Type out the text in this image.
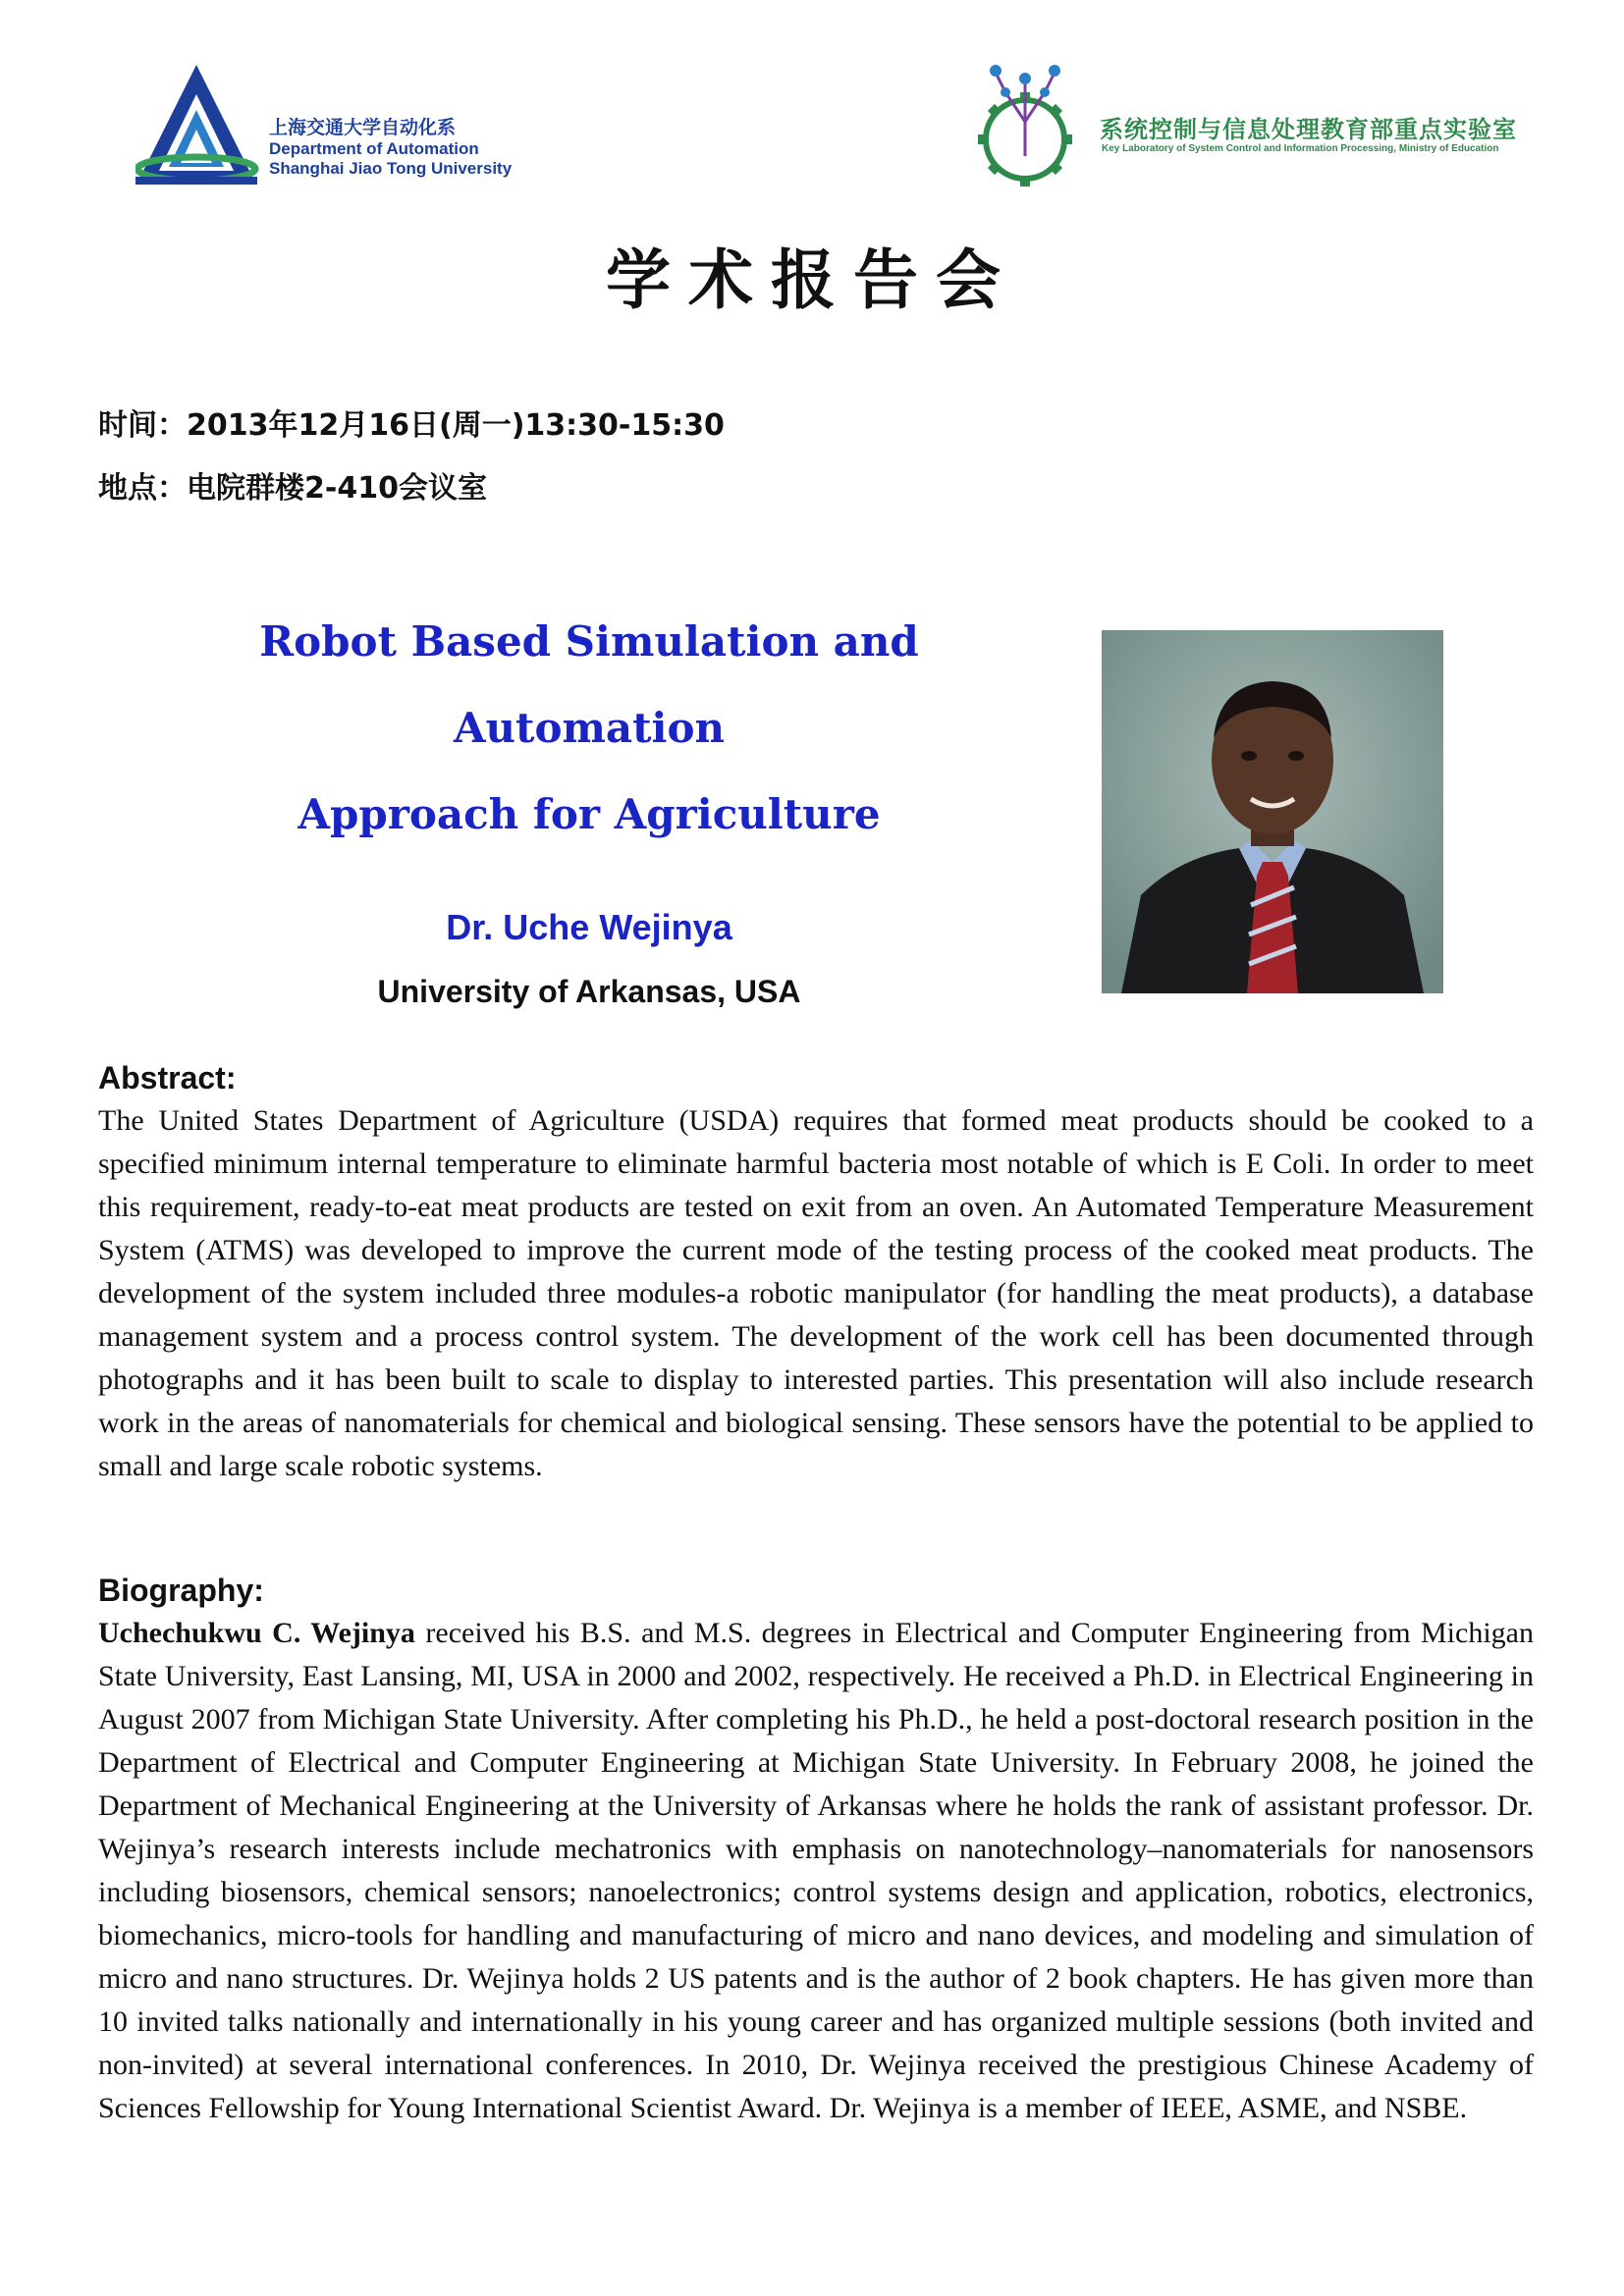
上海交通大学自动化系
Department of Automation
Shanghai Jiao Tong University
系统控制与信息处理教育部重点实验室
Key Laboratory of System Control and Information Processing, Ministry of Education
学术报告会
时间：2013年12月16日(周一)13:30-15:30
地点：电院群楼2-410会议室
Robot Based Simulation and Automation
Approach for Agriculture
Dr. Uche Wejinya
University of Arkansas, USA
Abstract:
The United States Department of Agriculture (USDA) requires that formed meat products should be cooked to a specified minimum internal temperature to eliminate harmful bacteria most notable of which is E Coli. In order to meet this requirement, ready-to-eat meat products are tested on exit from an oven. An Automated Temperature Measurement System (ATMS) was developed to improve the current mode of the testing process of the cooked meat products. The development of the system included three modules-a robotic manipulator (for handling the meat products), a database management system and a process control system. The development of the work cell has been documented through photographs and it has been built to scale to display to interested parties. This presentation will also include research work in the areas of nanomaterials for chemical and biological sensing. These sensors have the potential to be applied to small and large scale robotic systems.
Biography:
Uchechukwu C. Wejinya received his B.S. and M.S. degrees in Electrical and Computer Engineering from Michigan State University, East Lansing, MI, USA in 2000 and 2002, respectively. He received a Ph.D. in Electrical Engineering in August 2007 from Michigan State University. After completing his Ph.D., he held a post-doctoral research position in the Department of Electrical and Computer Engineering at Michigan State University. In February 2008, he joined the Department of Mechanical Engineering at the University of Arkansas where he holds the rank of assistant professor. Dr. Wejinya’s research interests include mechatronics with emphasis on nanotechnology–nanomaterials for nanosensors including biosensors, chemical sensors; nanoelectronics; control systems design and application, robotics, electronics, biomechanics, micro-tools for handling and manufacturing of micro and nano devices, and modeling and simulation of micro and nano structures. Dr. Wejinya holds 2 US patents and is the author of 2 book chapters. He has given more than 10 invited talks nationally and internationally in his young career and has organized multiple sessions (both invited and non-invited) at several international conferences. In 2010, Dr. Wejinya received the prestigious Chinese Academy of Sciences Fellowship for Young International Scientist Award. Dr. Wejinya is a member of IEEE, ASME, and NSBE.
